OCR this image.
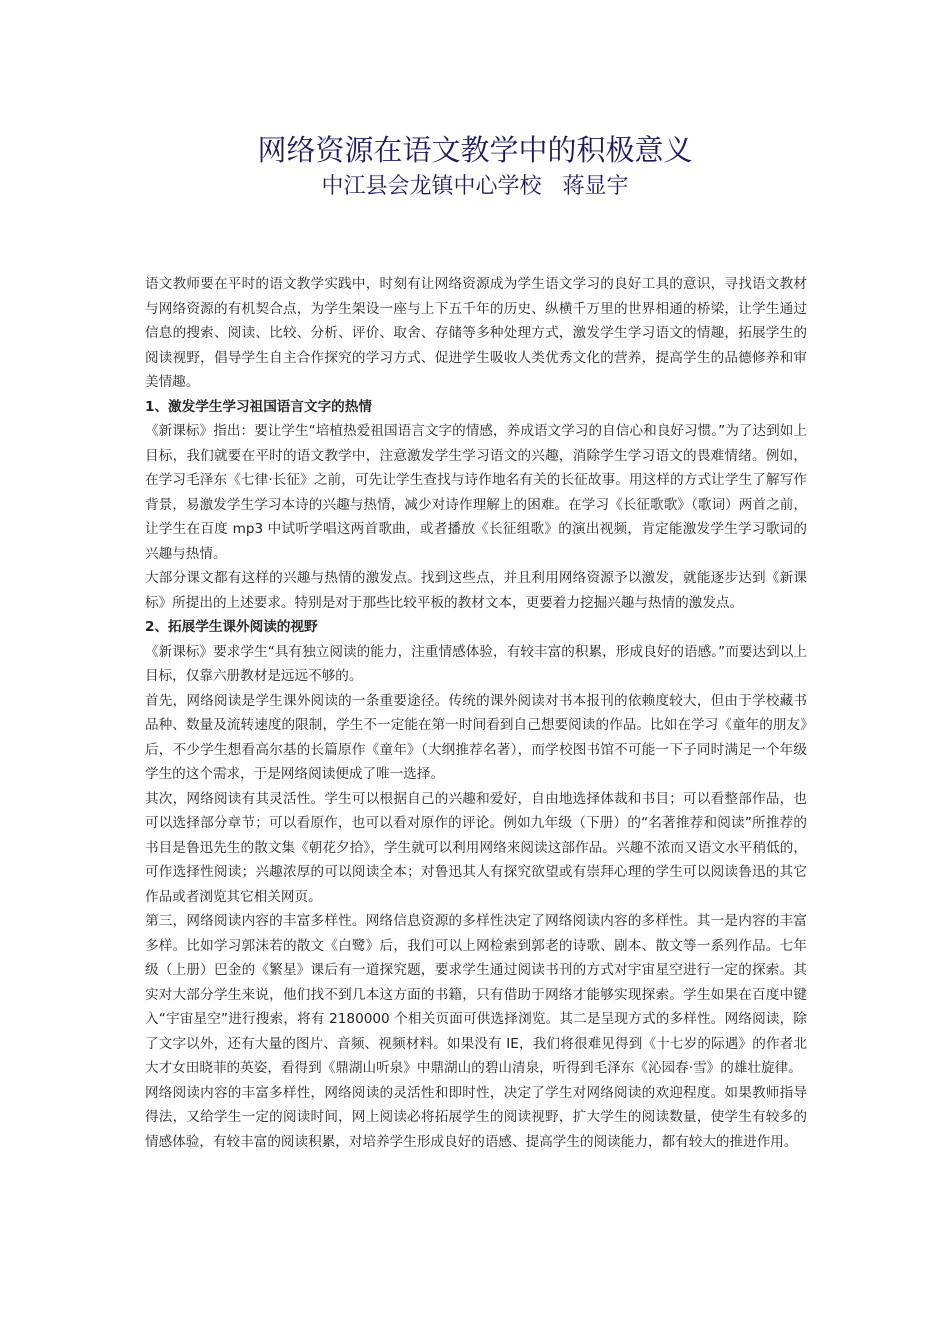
网络资源在语文教学中的积极意义
中江县会龙镇中心学校   蒋显宇

语文教师要在平时的语文教学实践中，时刻有让网络资源成为学生语文学习的良好工具的意识，寻找语文教材与网络资源的有机契合点，为学生架设一座与上下五千年的历史、纵横千万里的世界相通的桥梁，让学生通过信息的搜索、阅读、比较、分析、评价、取舍、存储等多种处理方式，激发学生学习语文的情趣，拓展学生的阅读视野，倡导学生自主合作探究的学习方式、促进学生吸收人类优秀文化的营养，提高学生的品德修养和审美情趣。

1、激发学生学习祖国语言文字的热情

《新课标》指出：要让学生“培植热爱祖国语言文字的情感，养成语文学习的自信心和良好习惯。”为了达到如上目标，我们就要在平时的语文教学中，注意激发学生学习语文的兴趣，消除学生学习语文的畏难情绪。例如，在学习毛泽东《七律·长征》之前，可先让学生查找与诗作地名有关的长征故事。用这样的方式让学生了解写作背景，易激发学生学习本诗的兴趣与热情，减少对诗作理解上的困难。在学习《长征歌歌》（歌词）两首之前，让学生在百度 mp3 中试听学唱这两首歌曲，或者播放《长征组歌》的演出视频，肯定能激发学生学习歌词的兴趣与热情。

大部分课文都有这样的兴趣与热情的激发点。找到这些点，并且利用网络资源予以激发，就能逐步达到《新课标》所提出的上述要求。特别是对于那些比较平板的教材文本，更要着力挖掘兴趣与热情的激发点。

2、拓展学生课外阅读的视野

《新课标》要求学生“具有独立阅读的能力，注重情感体验，有较丰富的积累，形成良好的语感。”而要达到以上目标，仅靠六册教材是远远不够的。

首先，网络阅读是学生课外阅读的一条重要途径。传统的课外阅读对书本报刊的依赖度较大，但由于学校藏书品种、数量及流转速度的限制，学生不一定能在第一时间看到自己想要阅读的作品。比如在学习《童年的朋友》后，不少学生想看高尔基的长篇原作《童年》（大纲推荐名著），而学校图书馆不可能一下子同时满足一个年级学生的这个需求，于是网络阅读便成了唯一选择。

其次，网络阅读有其灵活性。学生可以根据自己的兴趣和爱好，自由地选择体裁和书目；可以看整部作品，也可以选择部分章节；可以看原作，也可以看对原作的评论。例如九年级（下册）的“名著推荐和阅读”所推荐的书目是鲁迅先生的散文集《朝花夕拾》，学生就可以利用网络来阅读这部作品。兴趣不浓而又语文水平稍低的，可作选择性阅读；兴趣浓厚的可以阅读全本；对鲁迅其人有探究欲望或有崇拜心理的学生可以阅读鲁迅的其它作品或者浏览其它相关网页。

第三，网络阅读内容的丰富多样性。网络信息资源的多样性决定了网络阅读内容的多样性。其一是内容的丰富多样。比如学习郭沫若的散文《白鹭》后，我们可以上网检索到郭老的诗歌、剧本、散文等一系列作品。七年级（上册）巴金的《繁星》课后有一道探究题，要求学生通过阅读书刊的方式对宇宙星空进行一定的探索。其实对大部分学生来说，他们找不到几本这方面的书籍，只有借助于网络才能够实现探索。学生如果在百度中键入“宇宙星空”进行搜索，将有 2180000 个相关页面可供选择浏览。其二是呈现方式的多样性。网络阅读，除了文字以外，还有大量的图片、音频、视频材料。如果没有 IE，我们将很难见得到《十七岁的际遇》的作者北大才女田晓菲的英姿，看得到《鼎湖山听泉》中鼎湖山的碧山清泉，听得到毛泽东《沁园春·雪》的雄壮旋律。

网络阅读内容的丰富多样性，网络阅读的灵活性和即时性，决定了学生对网络阅读的欢迎程度。如果教师指导得法，又给学生一定的阅读时间，网上阅读必将拓展学生的阅读视野，扩大学生的阅读数量，使学生有较多的情感体验，有较丰富的阅读积累，对培养学生形成良好的语感、提高学生的阅读能力，都有较大的推进作用。
